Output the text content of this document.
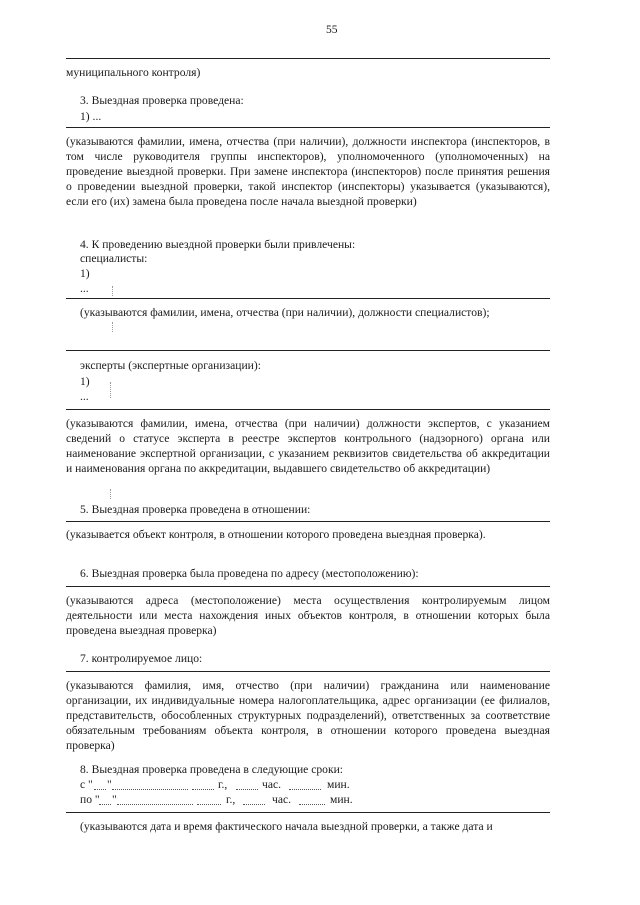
55
муниципального контроля)
3. Выездная проверка проведена:
1) ...
(указываются фамилии, имена, отчества (при наличии), должности инспектора (инспекторов, в том числе руководителя группы инспекторов), уполномоченного (уполномоченных) на проведение выездной проверки. При замене инспектора (инспекторов) после принятия решения о проведении выездной проверки, такой инспектор (инспекторы) указывается (указываются), если его (их) замена была проведена после начала выездной проверки)
4. К проведению выездной проверки были привлечены:
специалисты:
1)
...
(указываются фамилии, имена, отчества (при наличии), должности специалистов);
эксперты (экспертные организации):
1)
...
(указываются фамилии, имена, отчества (при наличии) должности экспертов, с указанием сведений о статусе эксперта в реестре экспертов контрольного (надзорного) органа или наименование экспертной организации, с указанием реквизитов свидетельства об аккредитации и наименования органа по аккредитации, выдавшего свидетельство об аккредитации)
5. Выездная проверка проведена в отношении:
(указывается объект контроля, в отношении которого проведена выездная проверка).
6. Выездная проверка была проведена по адресу (местоположению):
(указываются адреса (местоположение) места осуществления контролируемым лицом деятельности или места нахождения иных объектов контроля, в отношении которых была проведена выездная проверка)
7. контролируемое лицо:
(указываются фамилия, имя, отчество (при наличии) гражданина или наименование организации, их индивидуальные номера налогоплательщика, адрес организации (ее филиалов, представительств, обособленных структурных подразделений), ответственных за соответствие обязательным требованиям объекта контроля, в отношении которого проведена выездная проверка)
8. Выездная проверка проведена в следующие сроки:
с " "	г.,	час.	мин.
по " "	г.,	час.	мин.
(указываются дата и время фактического начала выездной проверки, а также дата и
